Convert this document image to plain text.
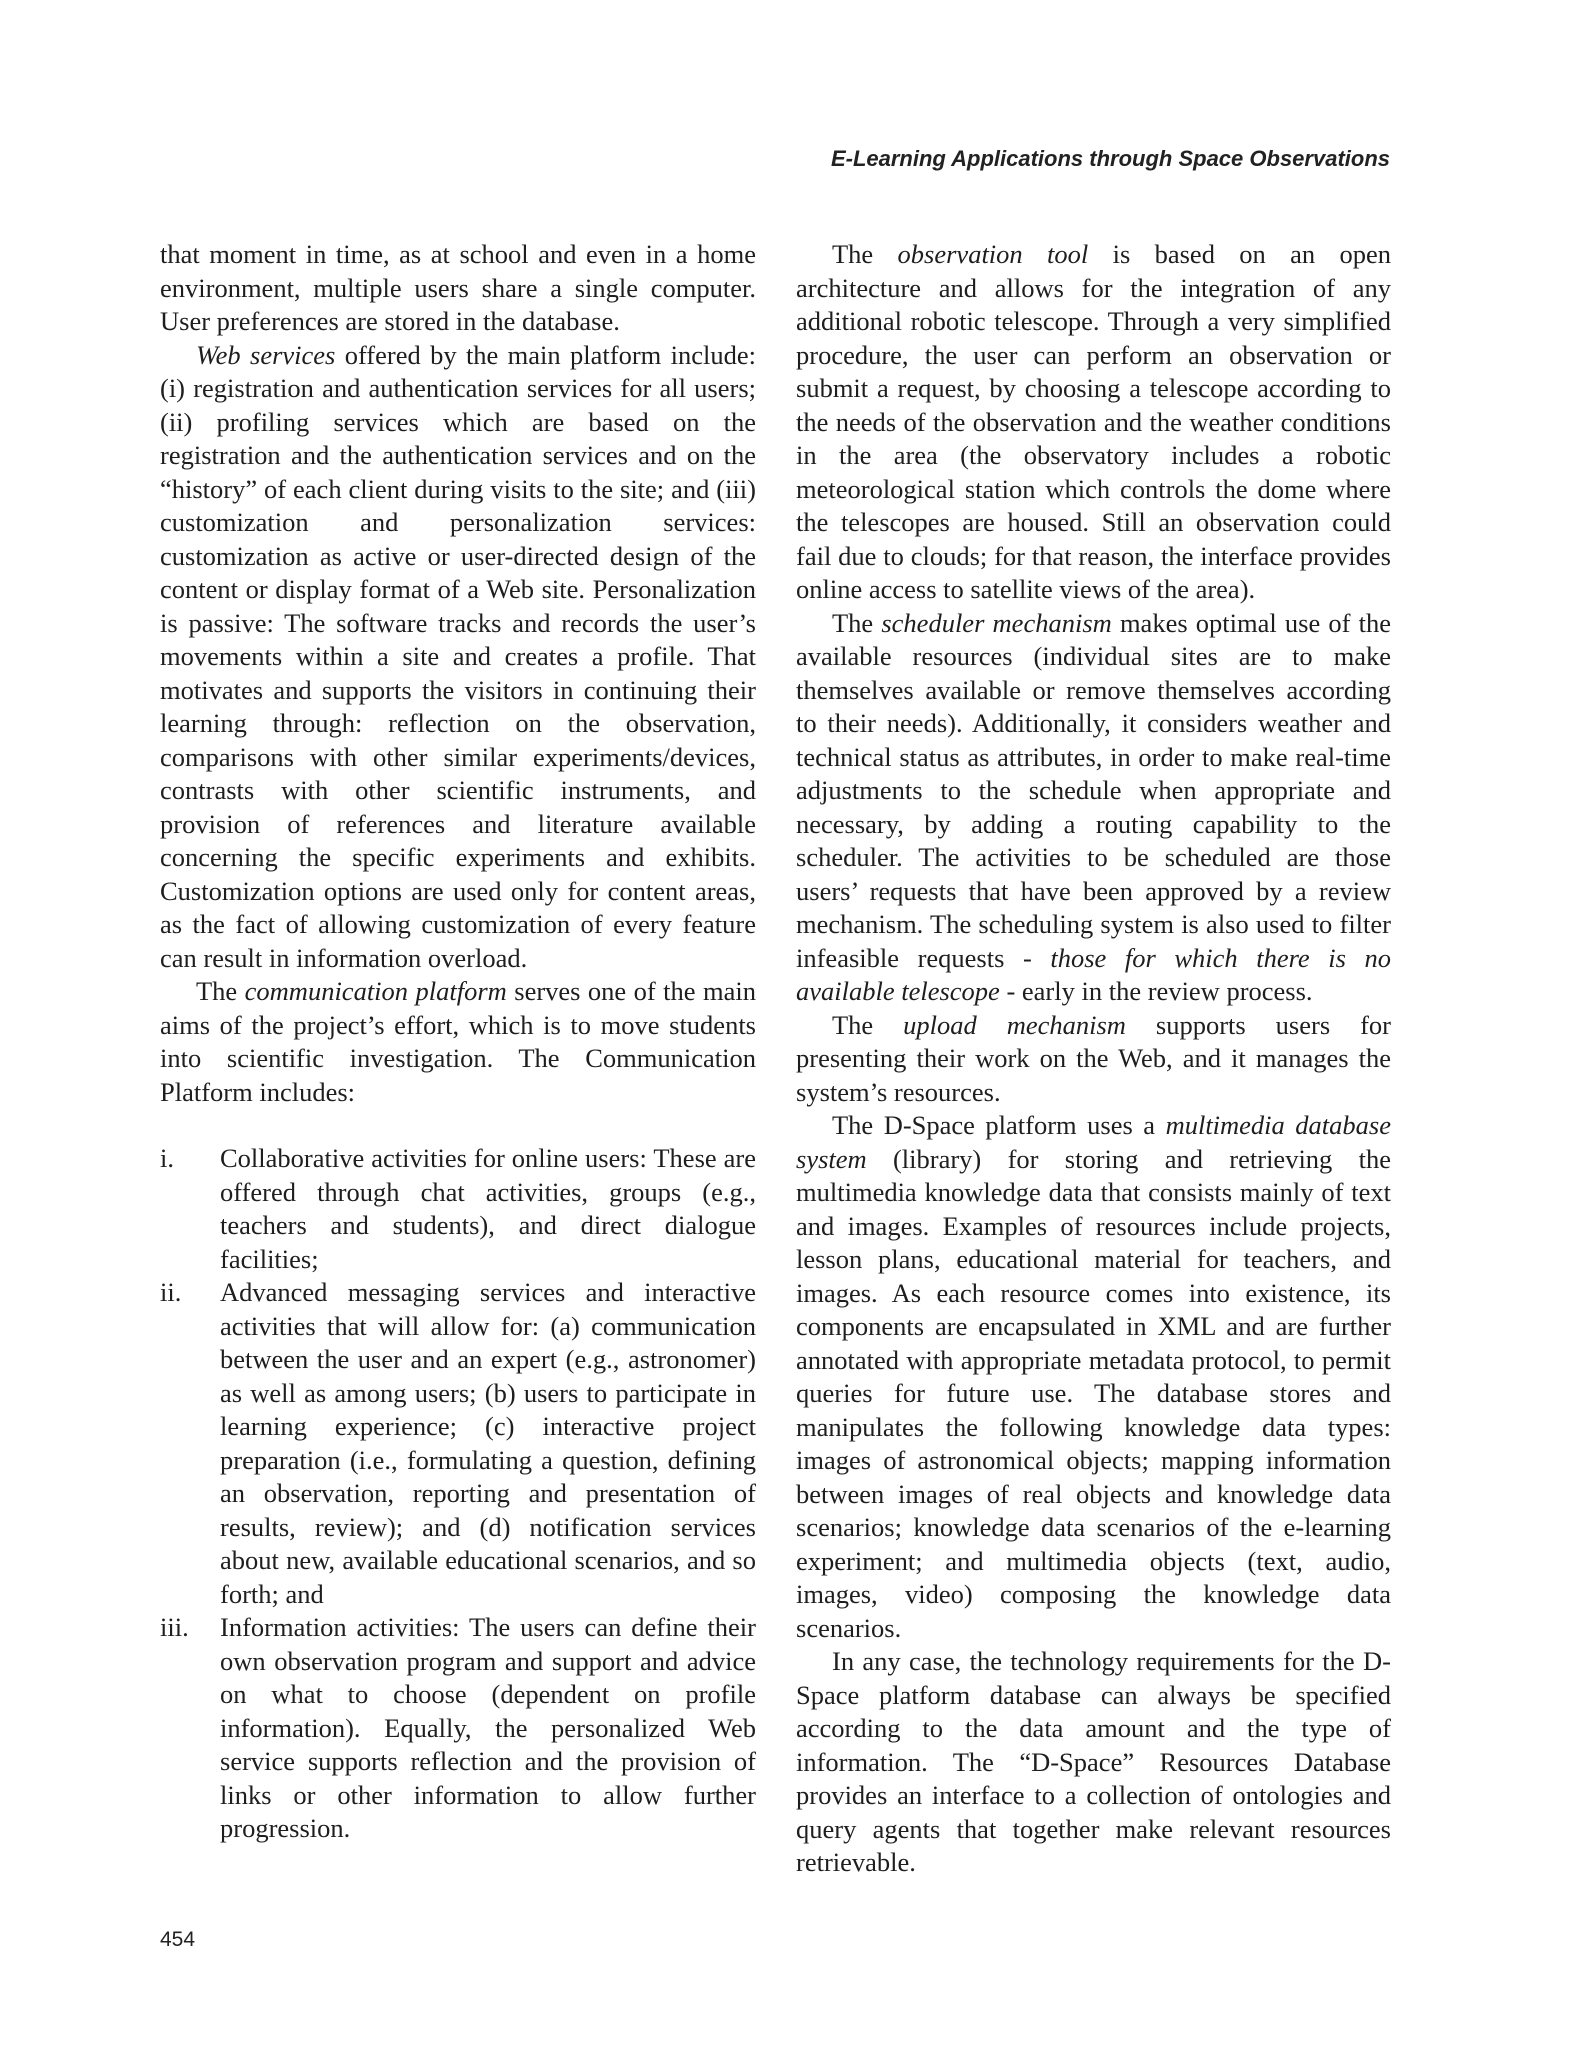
E-Learning Applications through Space Observations

that moment in time, as at school and even in a home environment, multiple users share a single computer. User preferences are stored in the database.

Web services offered by the main platform include: (i) registration and authentication services for all users; (ii) profiling services which are based on the registration and the authentication services and on the “history” of each client during visits to the site; and (iii) customization and personalization services: customization as active or user-directed design of the content or display format of a Web site. Personalization is passive: The software tracks and records the user’s movements within a site and creates a profile. That motivates and supports the visitors in continuing their learning through: reflection on the observation, comparisons with other similar experiments/devices, contrasts with other scientific instruments, and provision of references and literature available concerning the specific experiments and exhibits. Customization options are used only for content areas, as the fact of allowing customization of every feature can result in information overload.

The communication platform serves one of the main aims of the project’s effort, which is to move students into scientific investigation. The Communication Platform includes:

i. Collaborative activities for online users: These are offered through chat activities, groups (e.g., teachers and students), and direct dialogue facilities;
ii. Advanced messaging services and interactive activities that will allow for: (a) communication between the user and an expert (e.g., astronomer) as well as among users; (b) users to participate in learning experience; (c) interactive project preparation (i.e., formulating a question, defining an observation, reporting and presentation of results, review); and (d) notification services about new, available educational scenarios, and so forth; and
iii. Information activities: The users can define their own observation program and support and advice on what to choose (dependent on profile information). Equally, the personalized Web service supports reflection and the provision of links or other information to allow further progression.

The observation tool is based on an open architecture and allows for the integration of any additional robotic telescope. Through a very simplified procedure, the user can perform an observation or submit a request, by choosing a telescope according to the needs of the observation and the weather conditions in the area (the observatory includes a robotic meteorological station which controls the dome where the telescopes are housed. Still an observation could fail due to clouds; for that reason, the interface provides online access to satellite views of the area).

The scheduler mechanism makes optimal use of the available resources (individual sites are to make themselves available or remove themselves according to their needs). Additionally, it considers weather and technical status as attributes, in order to make real-time adjustments to the schedule when appropriate and necessary, by adding a routing capability to the scheduler. The activities to be scheduled are those users’ requests that have been approved by a review mechanism. The scheduling system is also used to filter infeasible requests - those for which there is no available telescope - early in the review process.

The upload mechanism supports users for presenting their work on the Web, and it manages the system’s resources.

The D-Space platform uses a multimedia database system (library) for storing and retrieving the multimedia knowledge data that consists mainly of text and images. Examples of resources include projects, lesson plans, educational material for teachers, and images. As each resource comes into existence, its components are encapsulated in XML and are further annotated with appropriate metadata protocol, to permit queries for future use. The database stores and manipulates the following knowledge data types: images of astronomical objects; mapping information between images of real objects and knowledge data scenarios; knowledge data scenarios of the e-learning experiment; and multimedia objects (text, audio, images, video) composing the knowledge data scenarios.

In any case, the technology requirements for the D-Space platform database can always be specified according to the data amount and the type of information. The “D-Space” Resources Database provides an interface to a collection of ontologies and query agents that together make relevant resources retrievable.

454
